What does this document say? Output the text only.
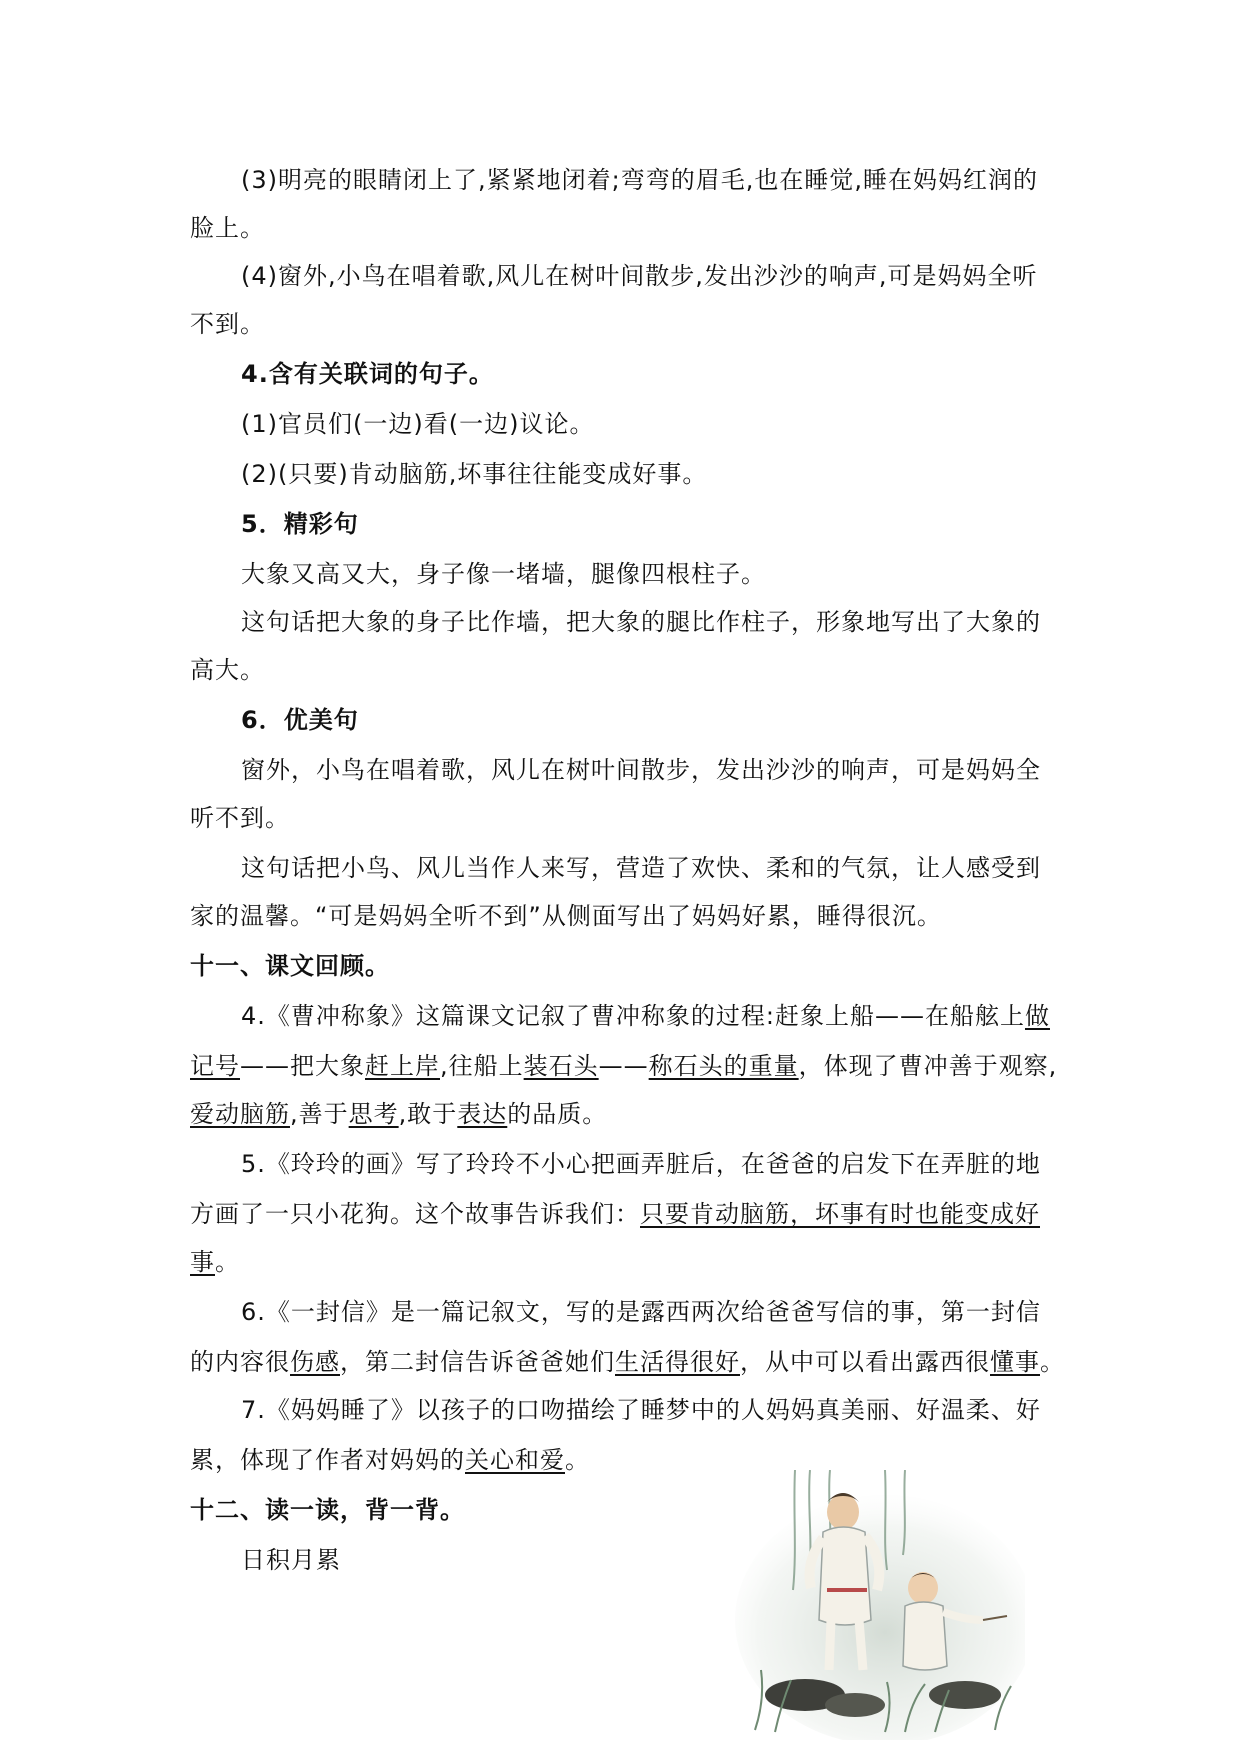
(3)明亮的眼睛闭上了,紧紧地闭着;弯弯的眉毛,也在睡觉,睡在妈妈红润的
脸上。
(4)窗外,小鸟在唱着歌,风儿在树叶间散步,发出沙沙的响声,可是妈妈全听
不到。
4.含有关联词的句子。
(1)官员们(一边)看(一边)议论。
(2)(只要)肯动脑筋,坏事往往能变成好事。
5．精彩句
大象又高又大，身子像一堵墙，腿像四根柱子。
这句话把大象的身子比作墙，把大象的腿比作柱子，形象地写出了大象的
高大。
6．优美句
窗外，小鸟在唱着歌，风儿在树叶间散步，发出沙沙的响声，可是妈妈全
听不到。
这句话把小鸟、风儿当作人来写，营造了欢快、柔和的气氛，让人感受到
家的温馨。“可是妈妈全听不到”从侧面写出了妈妈好累，睡得很沉。
十一、课文回顾。
4.《曹冲称象》这篇课文记叙了曹冲称象的过程:赶象上船——在船舷上做
记号——把大象赶上岸,往船上装石头——称石头的重量，体现了曹冲善于观察,
爱动脑筋,善于思考,敢于表达的品质。
5.《玲玲的画》写了玲玲不小心把画弄脏后，在爸爸的启发下在弄脏的地
方画了一只小花狗。这个故事告诉我们：只要肯动脑筋，坏事有时也能变成好
事。
6.《一封信》是一篇记叙文，写的是露西两次给爸爸写信的事，第一封信
的内容很伤感，第二封信告诉爸爸她们生活得很好，从中可以看出露西很懂事。
7.《妈妈睡了》以孩子的口吻描绘了睡梦中的人妈妈真美丽、好温柔、好
累，体现了作者对妈妈的关心和爱。
十二、读一读，背一背。
日积月累
